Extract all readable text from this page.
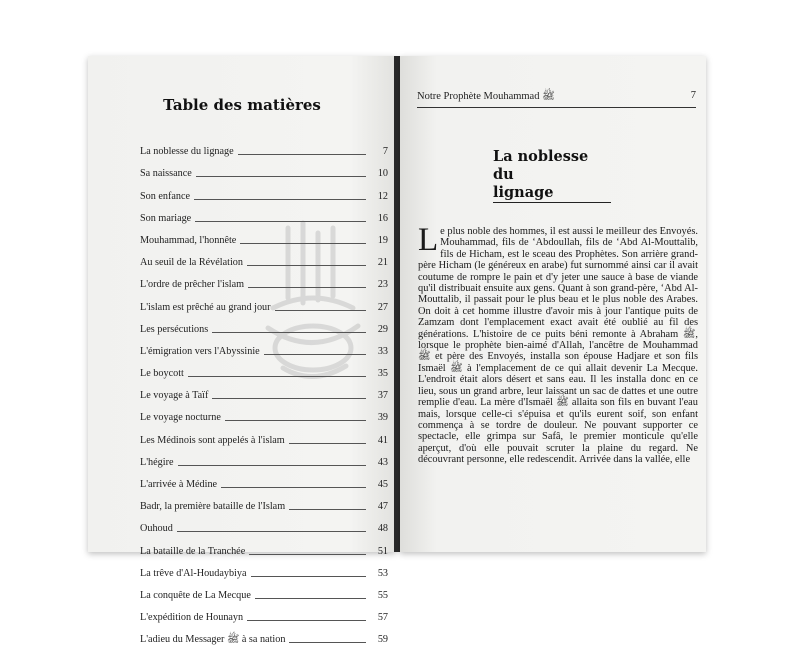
Table des matières
La noblesse du lignage	7
Sa naissance	10
Son enfance	12
Son mariage	16
Mouhammad, l'honnête	19
Au seuil de la Révélation	21
L'ordre de prêcher l'islam	23
L'islam est prêché au grand jour	27
Les persécutions	29
L'émigration vers l'Abyssinie	33
Le boycott	35
Le voyage à Taïf	37
Le voyage nocturne	39
Les Médinois sont appelés à l'islam	41
L'hégire	43
L'arrivée à Médine	45
Badr, la première bataille de l'Islam	47
Ouhoud	48
La bataille de la Tranchée	51
La trêve d'Al-Houdaybiya	53
La conquête de La Mecque	55
L'expédition de Hounayn	57
L'adieu du Messager ﷺ à sa nation	59
Notre Prophète Mouhammad ﷺ	7
La noblesse du
lignage
Le plus noble des hommes, il est aussi le meilleur des Envoyés. Mouhammad, fils de ‘Abdoullah, fils de ‘Abd Al-Mouttalib, fils de Hicham, est le sceau des Prophètes. Son arrière grand-père Hicham (le généreux en arabe) fut surnommé ainsi car il avait coutume de rompre le pain et d'y jeter une sauce à base de viande qu'il distribuait ensuite aux gens. Quant à son grand-père, ‘Abd Al-Mouttalib, il passait pour le plus beau et le plus noble des Arabes. On doit à cet homme illustre d'avoir mis à jour l'antique puits de Zamzam dont l'emplacement exact avait été oublié au fil des générations. L'histoire de ce puits béni remonte à Abraham ﷺ, lorsque le prophète bien-aimé d'Allah, l'ancêtre de Mouhammad ﷺ et père des Envoyés, installa son épouse Hadjare et son fils Ismaël ﷺ à l'emplacement de ce qui allait devenir La Mecque. L'endroit était alors désert et sans eau. Il les installa donc en ce lieu, sous un grand arbre, leur laissant un sac de dattes et une outre remplie d'eau. La mère d'Ismaël ﷺ allaita son fils en buvant l'eau mais, lorsque celle-ci s'épuisa et qu'ils eurent soif, son enfant commença à se tordre de douleur. Ne pouvant supporter ce spectacle, elle grimpa sur Safâ, le premier monticule qu'elle aperçut, d'où elle pouvait scruter la plaine du regard. Ne découvrant personne, elle redescendit. Arrivée dans la vallée, elle
